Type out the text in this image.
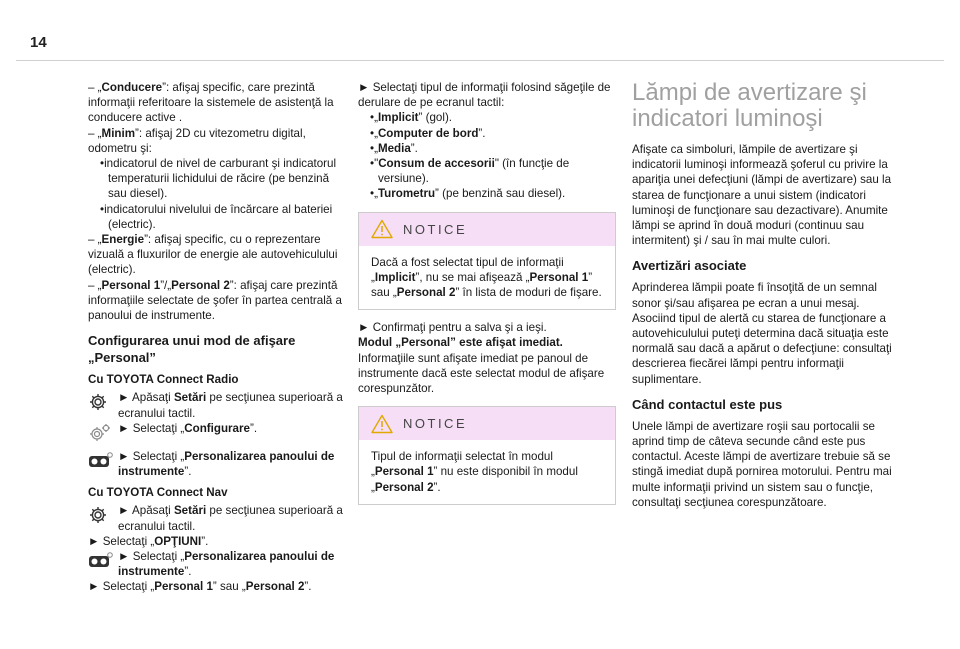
14

– „Conducere”: afişaj specific, care prezintă informaţii referitoare la sistemele de asistenţă la conducere active .

– „Minim”: afişaj 2D cu vitezometru digital, odometru şi:

•indicatorul de nivel de carburant şi indicatorul temperaturii lichidului de răcire (pe benzină sau diesel).

•indicatorului nivelului de încărcare al bateriei (electric).

– „Energie”: afişaj specific, cu o reprezentare vizuală a fluxurilor de energie ale autovehiculului (electric).

– „Personal 1”/„Personal 2”: afişaj care prezintă informaţiile selectate de şofer în partea centrală a panoului de instrumente.

Configurarea unui mod de afişare „Personal”
Cu TOYOTA Connect Radio
► Apăsaţi Setări pe secţiunea superioară a ecranului tactil.
► Selectaţi „Configurare”.
► Selectaţi „Personalizarea panoului de instrumente”.
Cu TOYOTA Connect Nav
► Apăsaţi Setări pe secţiunea superioară a ecranului tactil.

► Selectaţi „OPŢIUNI”.

► Selectaţi „Personalizarea panoului de instrumente”.

► Selectaţi „Personal 1” sau „Personal 2”.

► Selectaţi tipul de informaţii folosind săgeţile de derulare de pe ecranul tactil:

•„Implicit” (gol).

•„Computer de bord”.

•„Media”.

•"Consum de accesorii" (în funcţie de versiune).

•„Turometru” (pe benzină sau diesel).

NOTICE
Dacă a fost selectat tipul de informaţii „Implicit”, nu se mai afişează „Personal 1” sau „Personal 2” în lista de moduri de fişare.

► Confirmaţi pentru a salva şi a ieşi.

Modul „Personal” este afişat imediat.

Informaţiile sunt afişate imediat pe panoul de instrumente dacă este selectat modul de afişare corespunzător.

NOTICE
Tipul de informaţii selectat în modul „Personal 1” nu este disponibil în modul „Personal 2”.
Lămpi de avertizare şi indicatori luminoşi

Afişate ca simboluri, lămpile de avertizare şi indicatorii luminoşi informează şoferul cu privire la apariţia unei defecţiuni (lămpi de avertizare) sau la starea de funcţionare a unui sistem (indicatori luminoşi de funcţionare sau dezactivare). Anumite lămpi se aprind în două moduri (continuu sau intermitent) şi / sau în mai multe culori.

Avertizări asociate

Aprinderea lămpii poate fi însoţită de un semnal sonor şi/sau afişarea pe ecran a unui mesaj. Asociind tipul de alertă cu starea de funcţionare a autovehiculului puteţi determina dacă situaţia este normală sau dacă a apărut o defecţiune: consultaţi descrierea fiecărei lămpi pentru informaţii suplimentare.

Când contactul este pus

Unele lămpi de avertizare roşii sau portocalii se aprind timp de câteva secunde când este pus contactul. Aceste lămpi de avertizare trebuie să se stingă imediat după pornirea motorului. Pentru mai multe informaţii privind un sistem sau o funcţie, consultaţi secţiunea corespunzătoare.
